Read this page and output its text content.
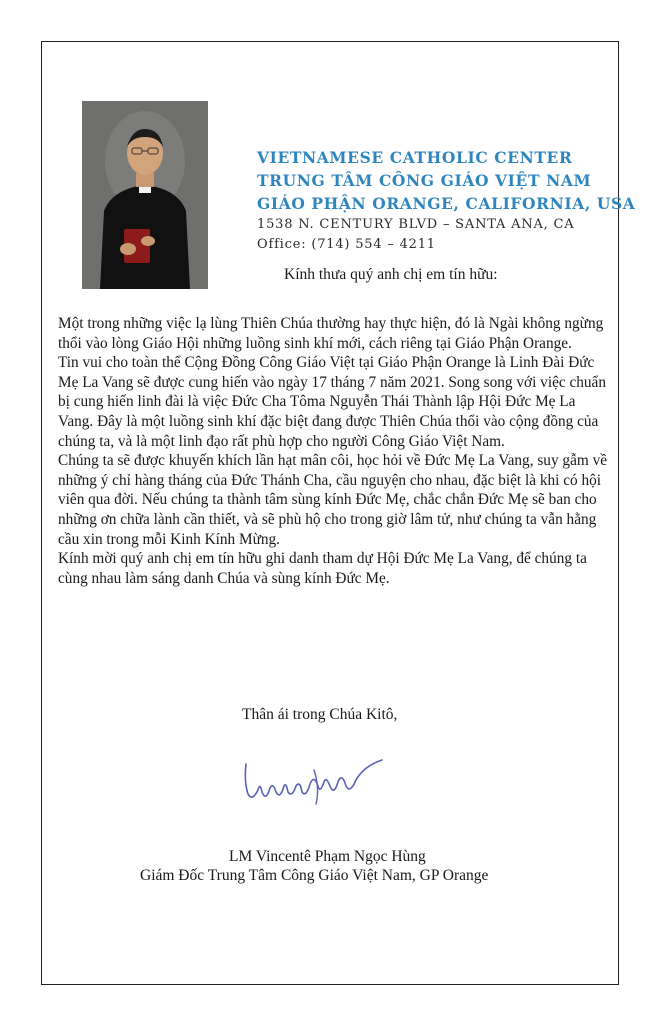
VIETNAMESE CATHOLIC CENTER
TRUNG TÂM CÔNG GIÁO VIỆT NAM
GIÁO PHẬN ORANGE, CALIFORNIA, USA
1538 N. CENTURY BLVD – SANTA ANA, CA
Office: (714) 554 – 4211
Kính thưa quý anh chị em tín hữu:

Một trong những việc lạ lùng Thiên Chúa thường hay thực hiện, đó là Ngài không ngừng thổi vào lòng Giáo Hội những luồng sinh khí mới, cách riêng tại Giáo Phận Orange.

Tin vui cho toàn thể Cộng Đồng Công Giáo Việt tại Giáo Phận Orange là Linh Đài Đức Mẹ La Vang sẽ được cung hiến vào ngày 17 tháng 7 năm 2021. Song song với việc chuẩn bị cung hiến linh đài là việc Đức Cha Tôma Nguyễn Thái Thành lập Hội Đức Mẹ La Vang. Đây là một luồng sinh khí đặc biệt đang được Thiên Chúa thổi vào cộng đồng của chúng ta, và là một linh đạo rất phù hợp cho người Công Giáo Việt Nam.

Chúng ta sẽ được khuyến khích lần hạt mân côi, học hỏi về Đức Mẹ La Vang, suy gẫm về những ý chỉ hàng tháng của Đức Thánh Cha, cầu nguyện cho nhau, đặc biệt là khi có hội viên qua đời. Nếu chúng ta thành tâm sùng kính Đức Mẹ, chắc chắn Đức Mẹ sẽ ban cho những ơn chữa lành cần thiết, và sẽ phù hộ cho trong giờ lâm tử, như chúng ta vẫn hằng cầu xin trong mỗi Kinh Kính Mừng.

Kính mời quý anh chị em tín hữu ghi danh tham dự Hội Đức Mẹ La Vang, để chúng ta cùng nhau làm sáng danh Chúa và sùng kính Đức Mẹ.

Thân ái trong Chúa Kitô,
LM Vincentê Phạm Ngọc Hùng
Giám Đốc Trung Tâm Công Giáo Việt Nam, GP Orange
